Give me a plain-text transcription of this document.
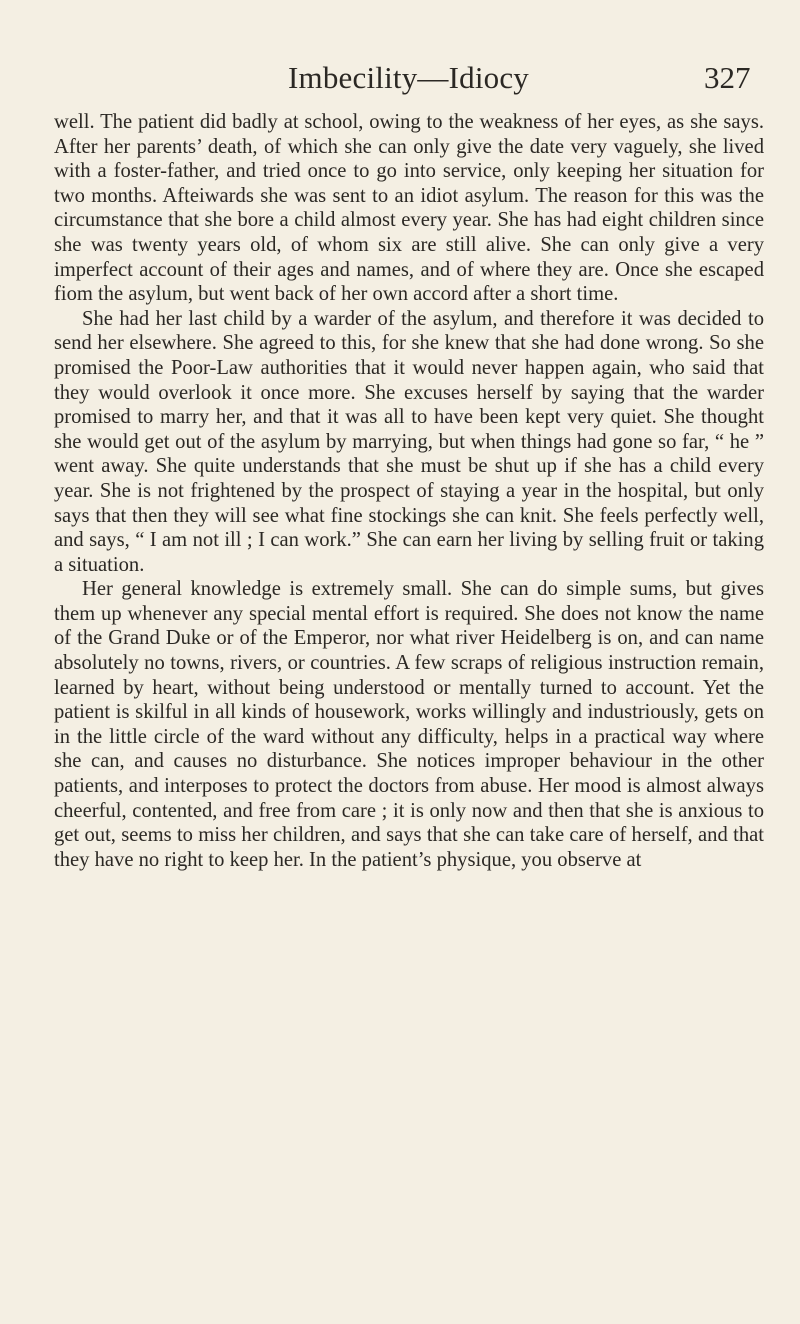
Imbecility—Idiocy	327

well. The patient did badly at school, owing to the weakness of her eyes, as she says. After her parents’ death, of which she can only give the date very vaguely, she lived with a foster-father, and tried once to go into service, only keeping her situation for two months. Afteiwards she was sent to an idiot asylum. The reason for this was the circumstance that she bore a child almost every year. She has had eight children since she was twenty years old, of whom six are still alive. She can only give a very imperfect account of their ages and names, and of where they are. Once she escaped fiom the asylum, but went back of her own accord after a short time.

She had her last child by a warder of the asylum, and therefore it was decided to send her elsewhere. She agreed to this, for she knew that she had done wrong. So she promised the Poor-Law authorities that it would never happen again, who said that they would overlook it once more. She excuses herself by saying that the warder promised to marry her, and that it was all to have been kept very quiet. She thought she would get out of the asylum by marrying, but when things had gone so far, “ he ” went away. She quite understands that she must be shut up if she has a child every year. She is not frightened by the prospect of staying a year in the hospital, but only says that then they will see what fine stockings she can knit. She feels perfectly well, and says, “ I am not ill ; I can work.” She can earn her living by selling fruit or taking a situation.

Her general knowledge is extremely small. She can do simple sums, but gives them up whenever any special mental effort is required. She does not know the name of the Grand Duke or of the Emperor, nor what river Heidelberg is on, and can name absolutely no towns, rivers, or countries. A few scraps of religious instruction remain, learned by heart, without being understood or mentally turned to account. Yet the patient is skilful in all kinds of housework, works willingly and industriously, gets on in the little circle of the ward without any difficulty, helps in a practical way where she can, and causes no disturbance. She notices improper behaviour in the other patients, and interposes to protect the doctors from abuse. Her mood is almost always cheerful, contented, and free from care ; it is only now and then that she is anxious to get out, seems to miss her children, and says that she can take care of herself, and that they have no right to keep her. In the patient’s physique, you observe at
